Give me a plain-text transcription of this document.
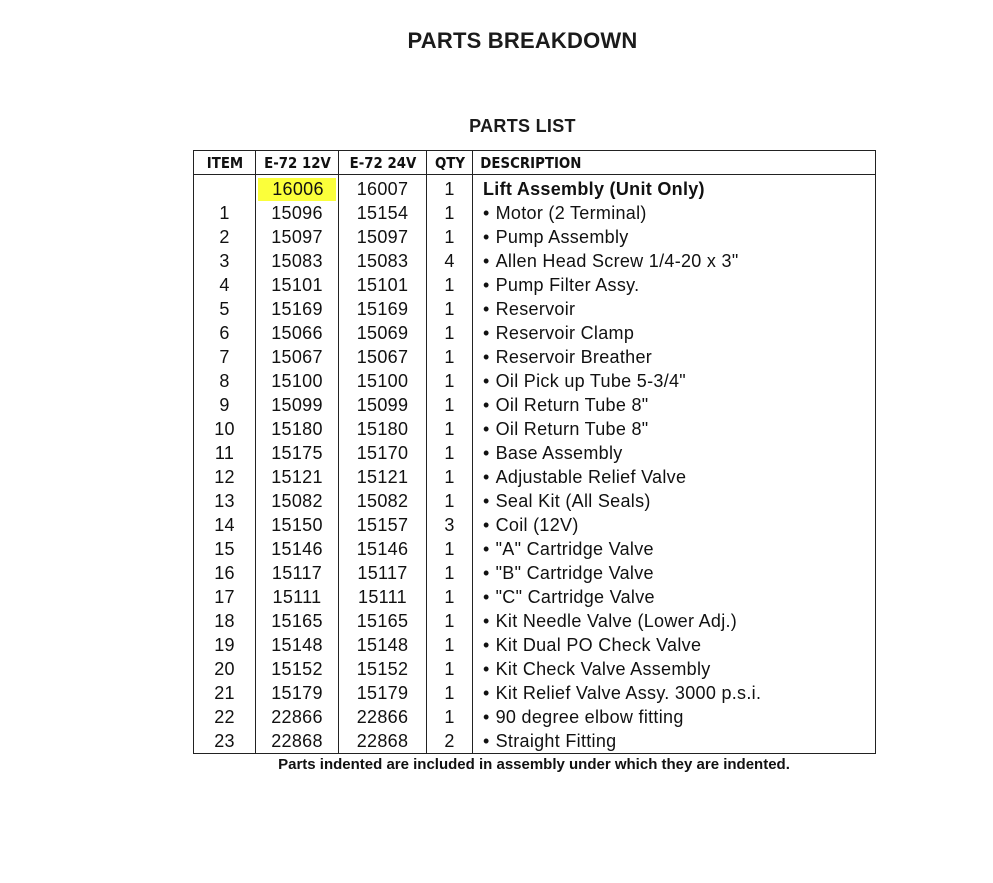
PARTS BREAKDOWN
PARTS LIST
ITEM	E-72 12V	E-72 24V	QTY	DESCRIPTION
	16006	16007	1	Lift Assembly (Unit Only)
1	15096	15154	1	• Motor (2 Terminal)
2	15097	15097	1	• Pump Assembly
3	15083	15083	4	• Allen Head Screw 1/4-20 x 3"
4	15101	15101	1	• Pump Filter Assy.
5	15169	15169	1	• Reservoir
6	15066	15069	1	• Reservoir Clamp
7	15067	15067	1	• Reservoir Breather
8	15100	15100	1	• Oil Pick up Tube 5-3/4"
9	15099	15099	1	• Oil Return Tube 8"
10	15180	15180	1	• Oil Return Tube 8"
11	15175	15170	1	• Base Assembly
12	15121	15121	1	• Adjustable Relief Valve
13	15082	15082	1	• Seal Kit (All Seals)
14	15150	15157	3	• Coil (12V)
15	15146	15146	1	• "A" Cartridge Valve
16	15117	15117	1	• "B" Cartridge Valve
17	15111	15111	1	• "C" Cartridge Valve
18	15165	15165	1	• Kit Needle Valve (Lower Adj.)
19	15148	15148	1	• Kit Dual PO Check Valve
20	15152	15152	1	• Kit Check Valve Assembly
21	15179	15179	1	• Kit Relief Valve Assy. 3000 p.s.i.
22	22866	22866	1	• 90 degree elbow fitting
23	22868	22868	2	• Straight Fitting
Parts indented are included in assembly under which they are indented.
